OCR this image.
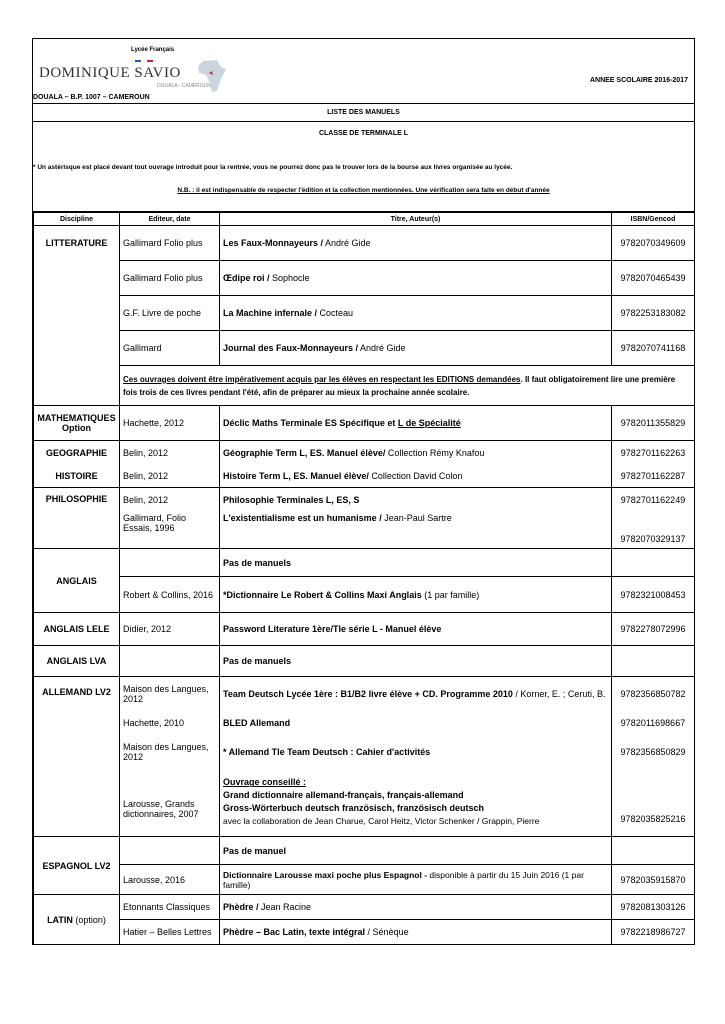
Lycée Français
DOMINIQUE SAVIO
DOUALA - CAMEROUN
DOUALA – B.P. 1007 – CAMEROUN
ANNEE SCOLAIRE 2016-2017
LISTE DES MANUELS
CLASSE DE TERMINALE L
* Un astérisque est placé devant tout ouvrage introduit pour la rentrée, vous ne pourrez donc pas le trouver lors de la bourse aux livres organisée au lycée.
N.B. : il est indispensable de respecter l'édition et la collection mentionnées. Une vérification sera faite en début d'année
Discipline	Editeur, date	Titre, Auteur(s)	ISBN/Gencod
LITTERATURE	Gallimard Folio plus	Les Faux-Monnayeurs / André Gide	9782070349609
	Gallimard Folio plus	Œdipe roi / Sophocle	9782070465439
	G.F. Livre de poche	La Machine infernale / Cocteau	9782253183082
	Gallimard	Journal des Faux-Monnayeurs / André Gide	9782070741168
	Ces ouvrages doivent être impérativement acquis par les élèves en respectant les EDITIONS demandées. Il faut obligatoirement lire une première fois trois de ces livres pendant l'été, afin de préparer au mieux la prochaine année scolaire.		
MATHEMATIQUES Option	Hachette, 2012	Déclic Maths Terminale ES Spécifique et L de Spécialité	9782011355829
GEOGRAPHIE	Belin, 2012	Géographie Term L, ES. Manuel élève/ Collection Rémy Knafou	9782701162263
HISTOIRE	Belin, 2012	Histoire Term L, ES. Manuel élève/ Collection David Colon	9782701162287
PHILOSOPHIE	Belin, 2012	Philosophie Terminales L, ES, S	9782701162249
	Gallimard, Folio Essais, 1996	L'existentialisme est un humanisme / Jean-Paul Sartre	9782070329137
ANGLAIS		Pas de manuels	
	Robert & Collins, 2016	*Dictionnaire Le Robert & Collins Maxi Anglais (1 par famille)	9782321008453
ANGLAIS LELE	Didier, 2012	Password Literature 1ère/Tle série L - Manuel élève	9782278072996
ANGLAIS LVA		Pas de manuels	
ALLEMAND LV2	Maison des Langues, 2012	Team Deutsch Lycée 1ère : B1/B2 livre élève + CD. Programme 2010 / Korner, E. ; Ceruti, B.	9782356850782
	Hachette, 2010	BLED Allemand	9782011698667
	Maison des Langues, 2012	* Allemand Tle Team Deutsch : Cahier d'activités	9782356850829
	Larousse, Grands dictionnaires, 2007	Ouvrage conseillé :
Grand dictionnaire allemand-français, français-allemand
Gross-Wörterbuch deutsch französisch, französisch deutsch
avec la collaboration de Jean Charue, Carol Heitz, Victor Schenker / Grappin, Pierre	9782035825216
ESPAGNOL LV2		Pas de manuel	
	Larousse, 2016	Dictionnaire Larousse maxi poche plus Espagnol - disponible à partir du 15 Juin 2016 (1 par famille)	9782035915870
LATIN (option)	Etonnants Classiques	Phèdre / Jean Racine	9782081303126
	Hatier – Belles Lettres	Phèdre – Bac Latin, texte intégral / Sénèque	9782218986727
